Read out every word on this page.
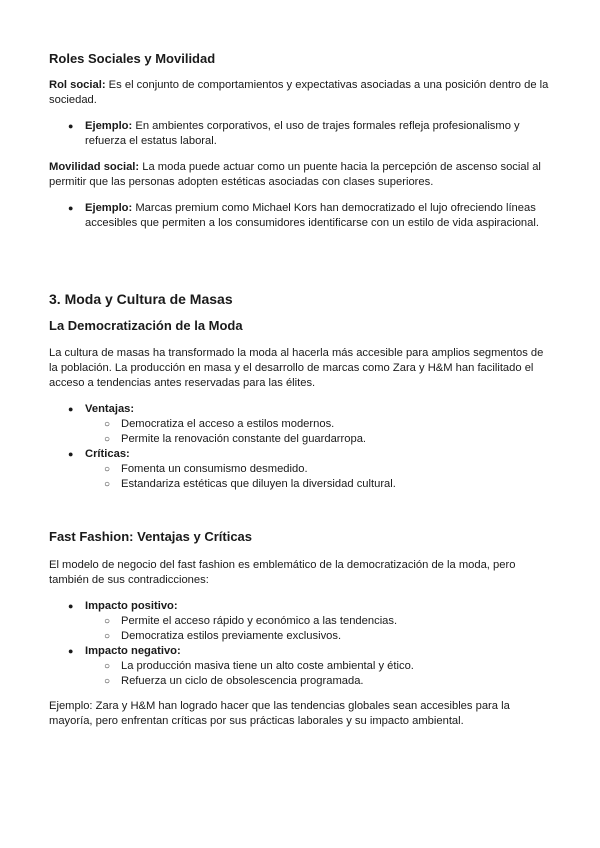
Roles Sociales y Movilidad

Rol social: Es el conjunto de comportamientos y expectativas asociadas a una posición dentro de la sociedad.

● Ejemplo: En ambientes corporativos, el uso de trajes formales refleja profesionalismo y refuerza el estatus laboral.

Movilidad social: La moda puede actuar como un puente hacia la percepción de ascenso social al permitir que las personas adopten estéticas asociadas con clases superiores.

● Ejemplo: Marcas premium como Michael Kors han democratizado el lujo ofreciendo líneas accesibles que permiten a los consumidores identificarse con un estilo de vida aspiracional.
3. Moda y Cultura de Masas
La Democratización de la Moda

La cultura de masas ha transformado la moda al hacerla más accesible para amplios segmentos de la población. La producción en masa y el desarrollo de marcas como Zara y H&M han facilitado el acceso a tendencias antes reservadas para las élites.

● Ventajas:
○ Democratiza el acceso a estilos modernos.
○ Permite la renovación constante del guardarropa.
● Críticas:
○ Fomenta un consumismo desmedido.
○ Estandariza estéticas que diluyen la diversidad cultural.
Fast Fashion: Ventajas y Críticas

El modelo de negocio del fast fashion es emblemático de la democratización de la moda, pero también de sus contradicciones:

● Impacto positivo:
○ Permite el acceso rápido y económico a las tendencias.
○ Democratiza estilos previamente exclusivos.
● Impacto negativo:
○ La producción masiva tiene un alto coste ambiental y ético.
○ Refuerza un ciclo de obsolescencia programada.

Ejemplo: Zara y H&M han logrado hacer que las tendencias globales sean accesibles para la mayoría, pero enfrentan críticas por sus prácticas laborales y su impacto ambiental.
